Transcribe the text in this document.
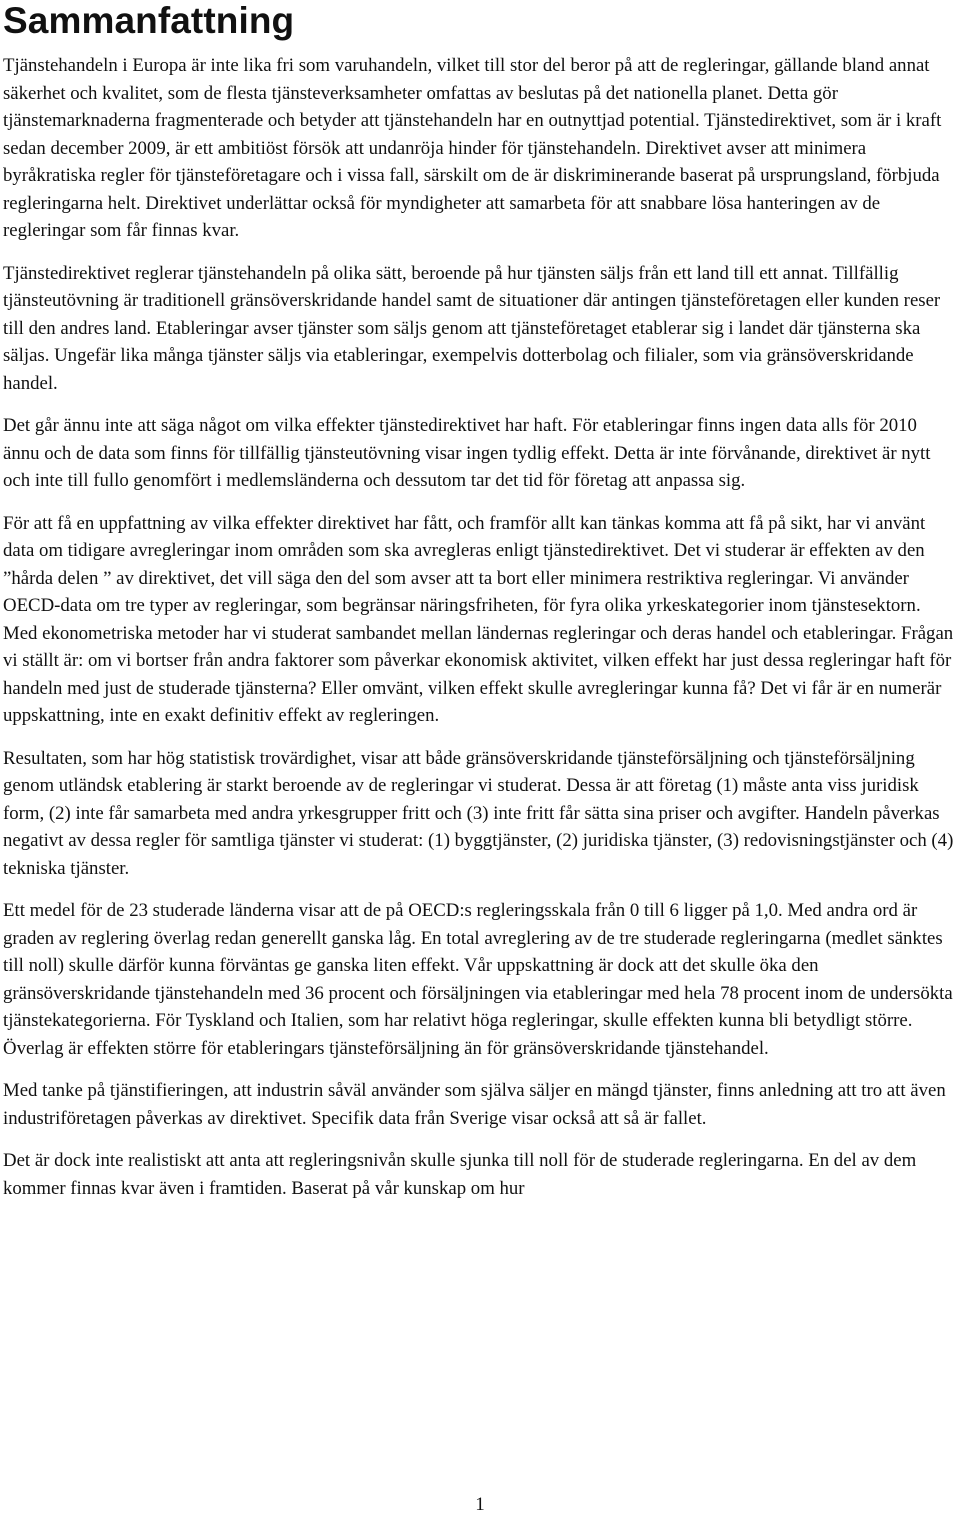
Sammanfattning

Tjänstehandeln i Europa är inte lika fri som varuhandeln, vilket till stor del beror på att de regleringar, gällande bland annat säkerhet och kvalitet, som de flesta tjänsteverksamheter omfattas av beslutas på det nationella planet. Detta gör tjänstemarknaderna fragmenterade och betyder att tjänstehandeln har en outnyttjad potential. Tjänstedirektivet, som är i kraft sedan december 2009, är ett ambitiöst försök att undanröja hinder för tjänstehandeln. Direktivet avser att minimera byråkratiska regler för tjänsteföretagare och i vissa fall, särskilt om de är diskriminerande baserat på ursprungsland, förbjuda regleringarna helt. Direktivet underlättar också för myndigheter att samarbeta för att snabbare lösa hanteringen av de regleringar som får finnas kvar.

Tjänstedirektivet reglerar tjänstehandeln på olika sätt, beroende på hur tjänsten säljs från ett land till ett annat. Tillfällig tjänsteutövning är traditionell gränsöverskridande handel samt de situationer där antingen tjänsteföretagen eller kunden reser till den andres land. Etableringar avser tjänster som säljs genom att tjänsteföretaget etablerar sig i landet där tjänsterna ska säljas. Ungefär lika många tjänster säljs via etableringar, exempelvis dotterbolag och filialer, som via gränsöverskridande handel.

Det går ännu inte att säga något om vilka effekter tjänstedirektivet har haft. För etableringar finns ingen data alls för 2010 ännu och de data som finns för tillfällig tjänsteutövning visar ingen tydlig effekt. Detta är inte förvånande, direktivet är nytt och inte till fullo genomfört i medlemsländerna och dessutom tar det tid för företag att anpassa sig.

För att få en uppfattning av vilka effekter direktivet har fått, och framför allt kan tänkas komma att få på sikt, har vi använt data om tidigare avregleringar inom områden som ska avregleras enligt tjänstedirektivet. Det vi studerar är effekten av den ”hårda delen ” av direktivet, det vill säga den del som avser att ta bort eller minimera restriktiva regleringar. Vi använder OECD-data om tre typer av regleringar, som begränsar näringsfriheten, för fyra olika yrkeskategorier inom tjänstesektorn. Med ekonometriska metoder har vi studerat sambandet mellan ländernas regleringar och deras handel och etableringar. Frågan vi ställt är: om vi bortser från andra faktorer som påverkar ekonomisk aktivitet, vilken effekt har just dessa regleringar haft för handeln med just de studerade tjänsterna? Eller omvänt, vilken effekt skulle avregleringar kunna få? Det vi får är en numerär uppskattning, inte en exakt definitiv effekt av regleringen.

Resultaten, som har hög statistisk trovärdighet, visar att både gränsöverskridande tjänsteförsäljning och tjänsteförsäljning genom utländsk etablering är starkt beroende av de regleringar vi studerat. Dessa är att företag (1) måste anta viss juridisk form, (2) inte får samarbeta med andra yrkesgrupper fritt och (3) inte fritt får sätta sina priser och avgifter. Handeln påverkas negativt av dessa regler för samtliga tjänster vi studerat: (1) byggtjänster, (2) juridiska tjänster, (3) redovisningstjänster och (4) tekniska tjänster.

Ett medel för de 23 studerade länderna visar att de på OECD:s regleringsskala från 0 till 6 ligger på 1,0. Med andra ord är graden av reglering överlag redan generellt ganska låg. En total avreglering av de tre studerade regleringarna (medlet sänktes till noll) skulle därför kunna förväntas ge ganska liten effekt. Vår uppskattning är dock att det skulle öka den gränsöverskridande tjänstehandeln med 36 procent och försäljningen via etableringar med hela 78 procent inom de undersökta tjänstekategorierna. För Tyskland och Italien, som har relativt höga regleringar, skulle effekten kunna bli betydligt större. Överlag är effekten större för etableringars tjänsteförsäljning än för gränsöverskridande tjänstehandel.

Med tanke på tjänstifieringen, att industrin såväl använder som själva säljer en mängd tjänster, finns anledning att tro att även industriföretagen påverkas av direktivet. Specifik data från Sverige visar också att så är fallet.

Det är dock inte realistiskt att anta att regleringsnivån skulle sjunka till noll för de studerade regleringarna. En del av dem kommer finnas kvar även i framtiden. Baserat på vår kunskap om hur

1
